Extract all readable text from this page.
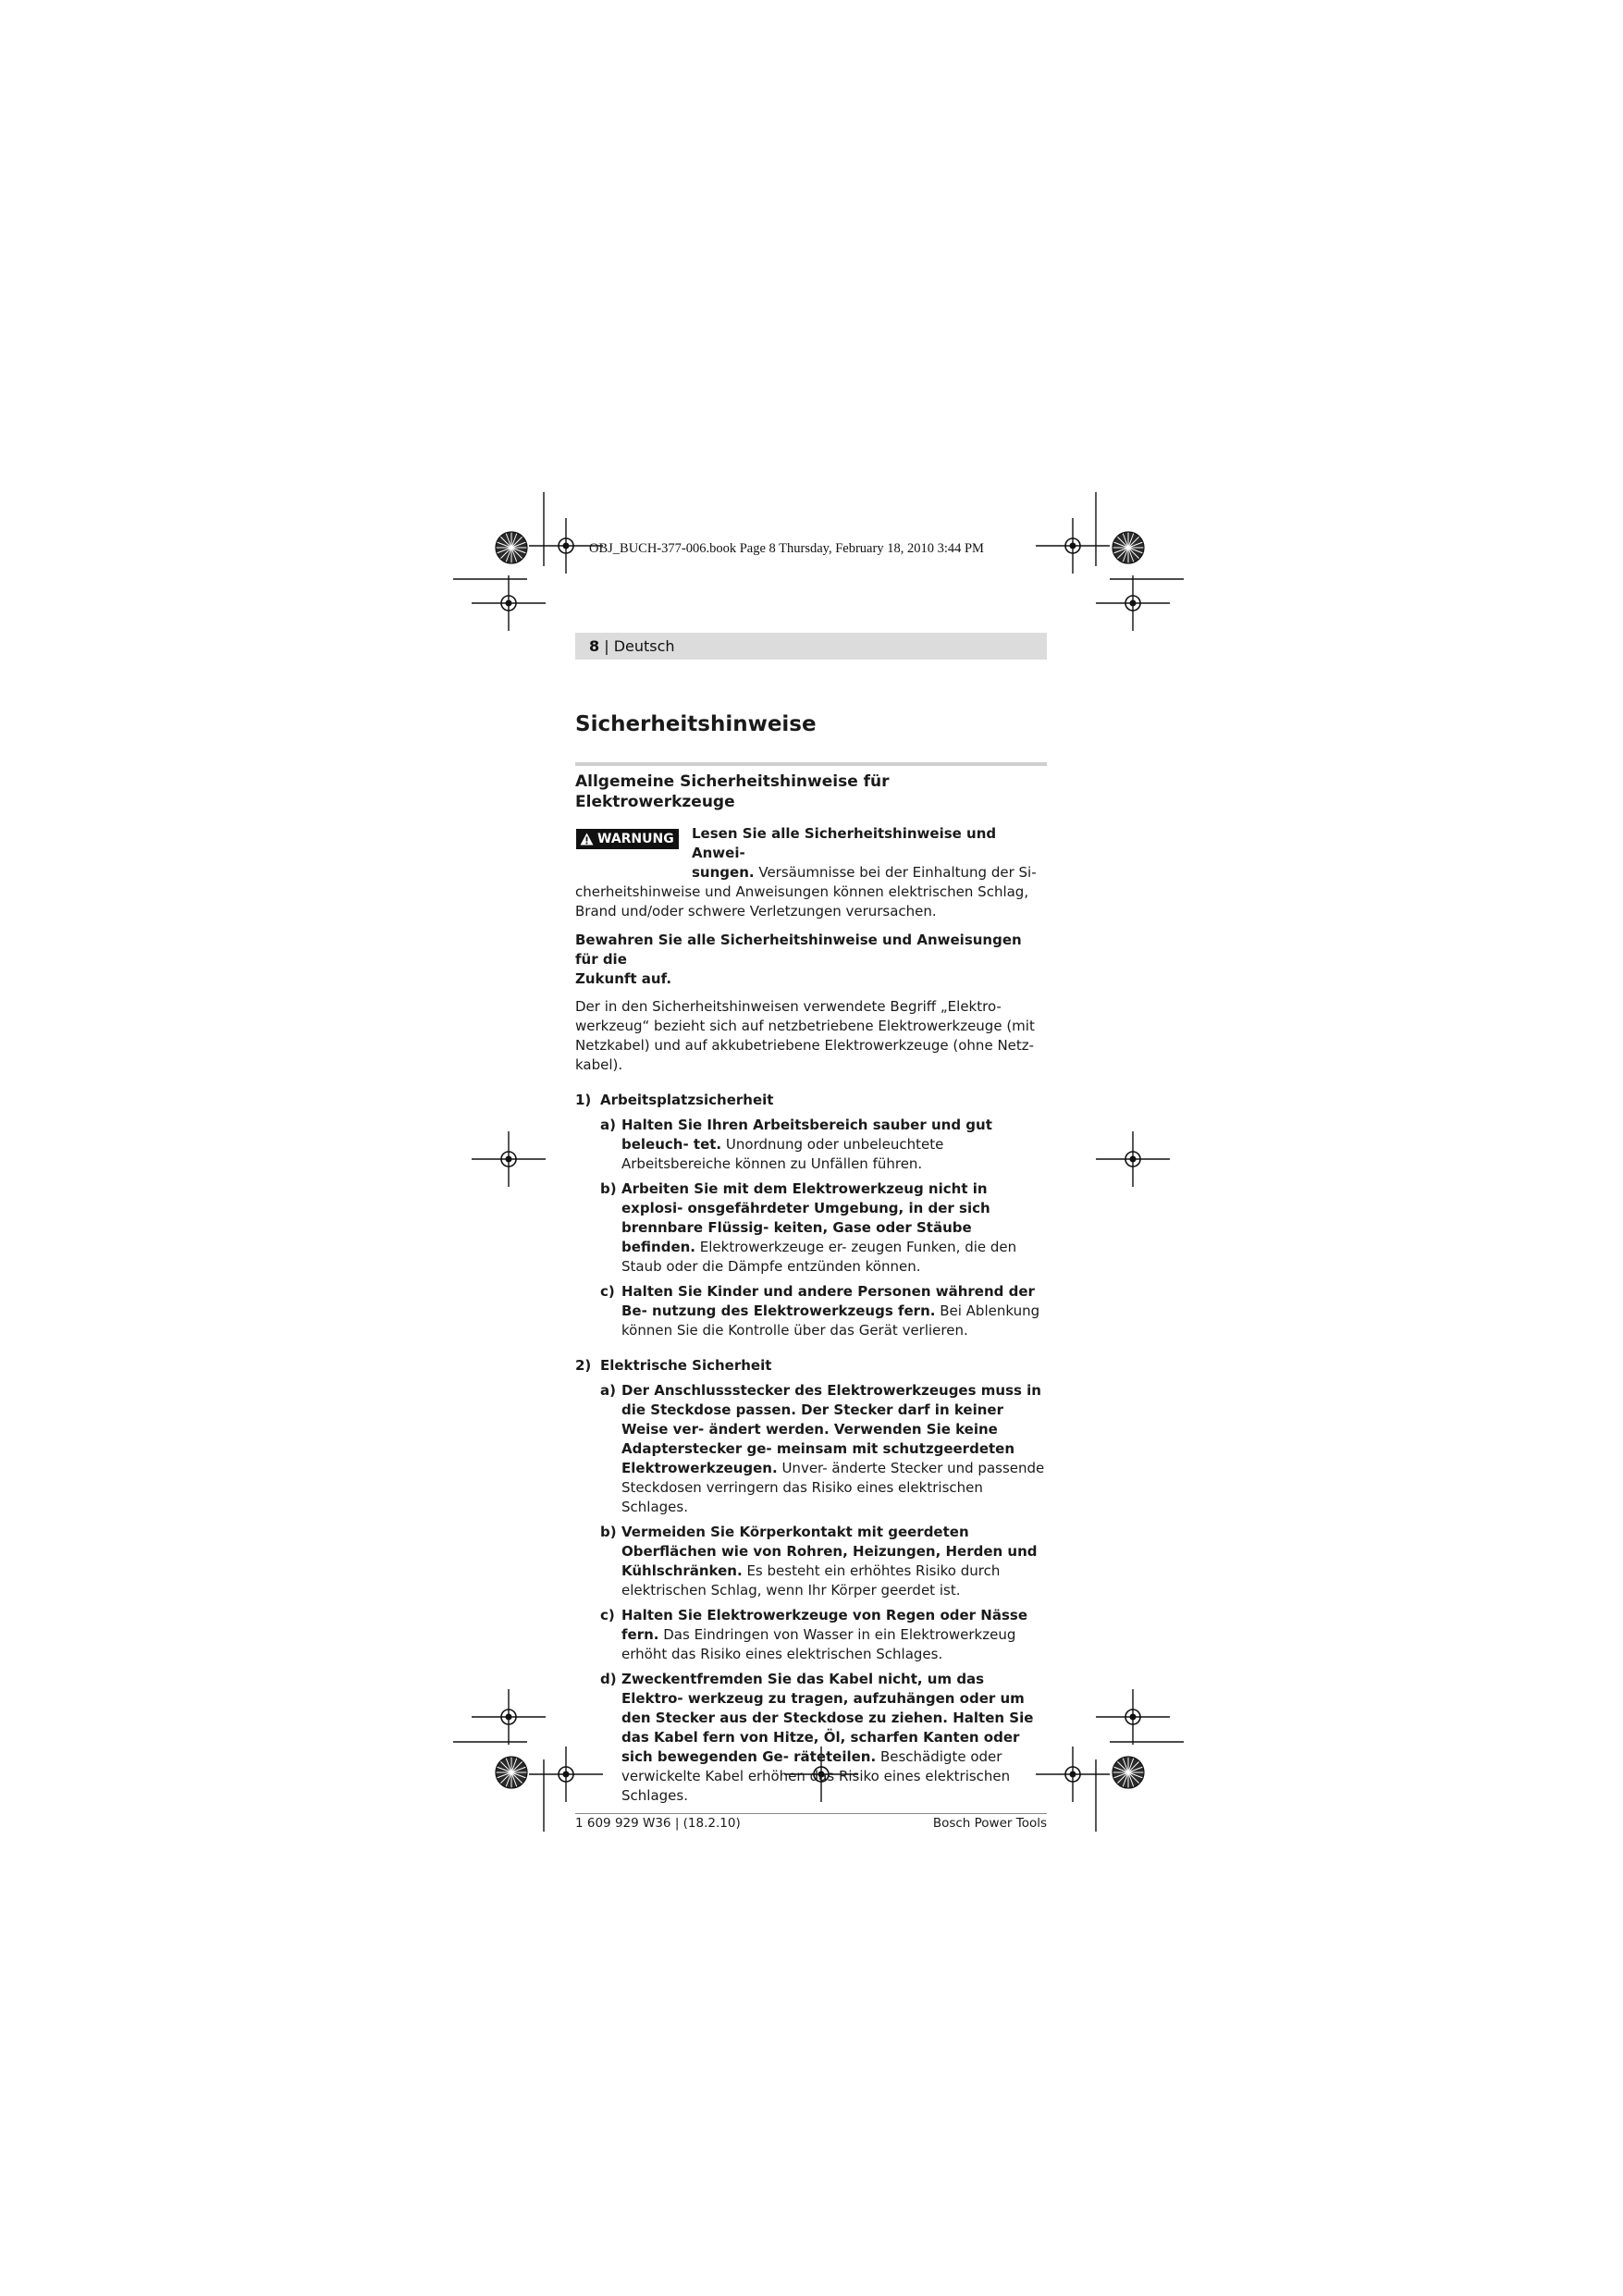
OBJ_BUCH-377-006.book Page 8 Thursday, February 18, 2010 3:44 PM
8 | Deutsch
Sicherheitshinweise
Allgemeine Sicherheitshinweise für Elektrowerkzeuge
WARNUNG	Lesen Sie alle Sicherheitshinweise und Anwei-

sungen. Versäumnisse bei der Einhaltung der Si-

cherheitshinweise und Anweisungen können elektrischen Schlag,

Brand und/oder schwere Verletzungen verursachen.

Bewahren Sie alle Sicherheitshinweise und Anweisungen für die

Zukunft auf.

Der in den Sicherheitshinweisen verwendete Begriff „Elektro-

werkzeug“ bezieht sich auf netzbetriebene Elektrowerkzeuge (mit

Netzkabel) und auf akkubetriebene Elektrowerkzeuge (ohne Netz-

kabel).

1) Arbeitsplatzsicherheit
a) Halten Sie Ihren Arbeitsbereich sauber und gut beleuch- tet. Unordnung oder unbeleuchtete Arbeitsbereiche können zu Unfällen führen.
b) Arbeiten Sie mit dem Elektrowerkzeug nicht in explosi- onsgefährdeter Umgebung, in der sich brennbare Flüssig- keiten, Gase oder Stäube befinden. Elektrowerkzeuge er- zeugen Funken, die den Staub oder die Dämpfe entzünden können.
c) Halten Sie Kinder und andere Personen während der Be- nutzung des Elektrowerkzeugs fern. Bei Ablenkung können Sie die Kontrolle über das Gerät verlieren.
2) Elektrische Sicherheit
a) Der Anschlussstecker des Elektrowerkzeuges muss in die Steckdose passen. Der Stecker darf in keiner Weise ver- ändert werden. Verwenden Sie keine Adapterstecker ge- meinsam mit schutzgeerdeten Elektrowerkzeugen. Unver- änderte Stecker und passende Steckdosen verringern das Risiko eines elektrischen Schlages.
b) Vermeiden Sie Körperkontakt mit geerdeten Oberflächen wie von Rohren, Heizungen, Herden und Kühlschränken. Es besteht ein erhöhtes Risiko durch elektrischen Schlag, wenn Ihr Körper geerdet ist.
c) Halten Sie Elektrowerkzeuge von Regen oder Nässe fern. Das Eindringen von Wasser in ein Elektrowerkzeug erhöht das Risiko eines elektrischen Schlages.
d) Zweckentfremden Sie das Kabel nicht, um das Elektro- werkzeug zu tragen, aufzuhängen oder um den Stecker aus der Steckdose zu ziehen. Halten Sie das Kabel fern von Hitze, Öl, scharfen Kanten oder sich bewegenden Ge- räteteilen. Beschädigte oder verwickelte Kabel erhöhen das Risiko eines elektrischen Schlages.
1 609 929 W36 | (18.2.10)	Bosch Power Tools
